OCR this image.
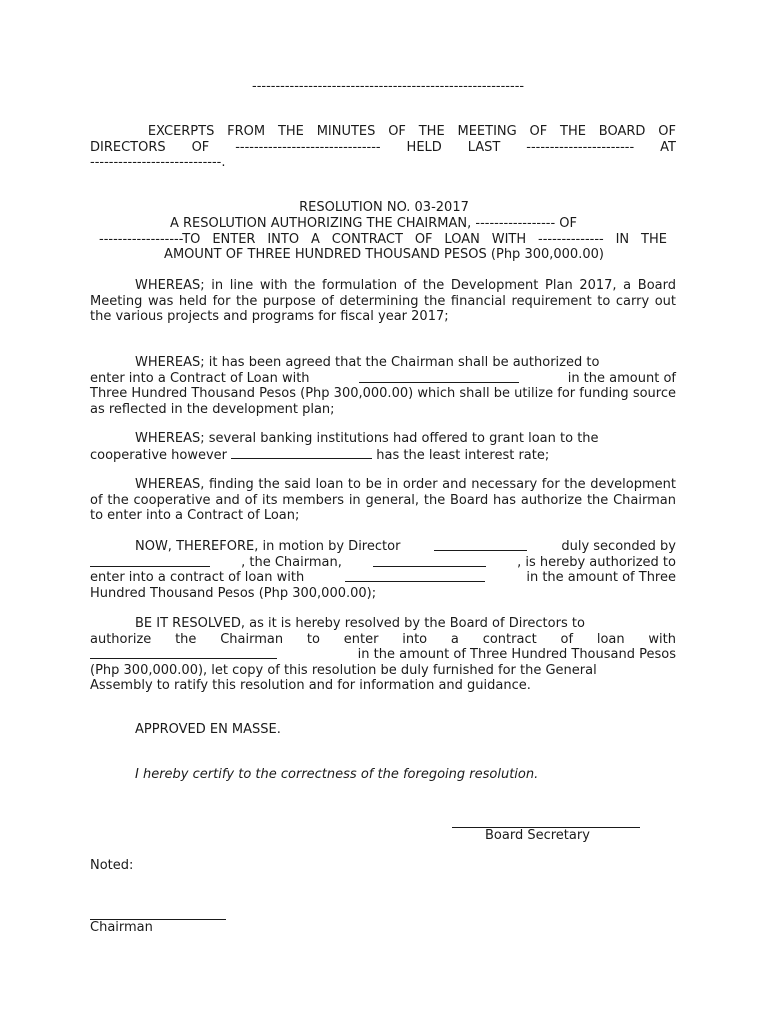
----------------------------------------------------------
EXCERPTS FROM THE MINUTES OF THE MEETING OF THE BOARD OF
DIRECTORS OF ------------------------------- HELD LAST ----------------------- AT
----------------------------.
RESOLUTION NO. 03-2017
A RESOLUTION AUTHORIZING THE CHAIRMAN, ----------------- OF
------------------TO ENTER INTO A CONTRACT OF LOAN WITH -------------- IN THE
AMOUNT OF THREE HUNDRED THOUSAND PESOS (Php 300,000.00)
WHEREAS; in line with the formulation of the Development Plan 2017, a Board Meeting was held for the purpose of determining the financial requirement to carry out the various projects and programs for fiscal year 2017;
WHEREAS; it has been agreed that the Chairman shall be authorized to
enter into a Contract of Loan with	in the amount of
Three Hundred Thousand Pesos (Php 300,000.00) which shall be utilize for funding source as reflected in the development plan;
WHEREAS; several banking institutions had offered to grant loan to the
cooperative however	has the least interest rate;
WHEREAS, finding the said loan to be in order and necessary for the development of the cooperative and of its members in general, the Board has authorize the Chairman to enter into a Contract of Loan;
NOW, THEREFORE, in motion by Director	duly seconded by
, the Chairman,	, is hereby authorized to
enter into a contract of loan with	in the amount of Three
Hundred Thousand Pesos (Php 300,000.00);
BE IT RESOLVED, as it is hereby resolved by the Board of Directors to
authorize the Chairman to enter into a contract of loan with
in the amount of Three Hundred Thousand Pesos
(Php 300,000.00), let copy of this resolution be duly furnished for the General
Assembly to ratify this resolution and for information and guidance.
APPROVED EN MASSE.
I hereby certify to the correctness of the foregoing resolution.
Board Secretary
Noted:
Chairman
